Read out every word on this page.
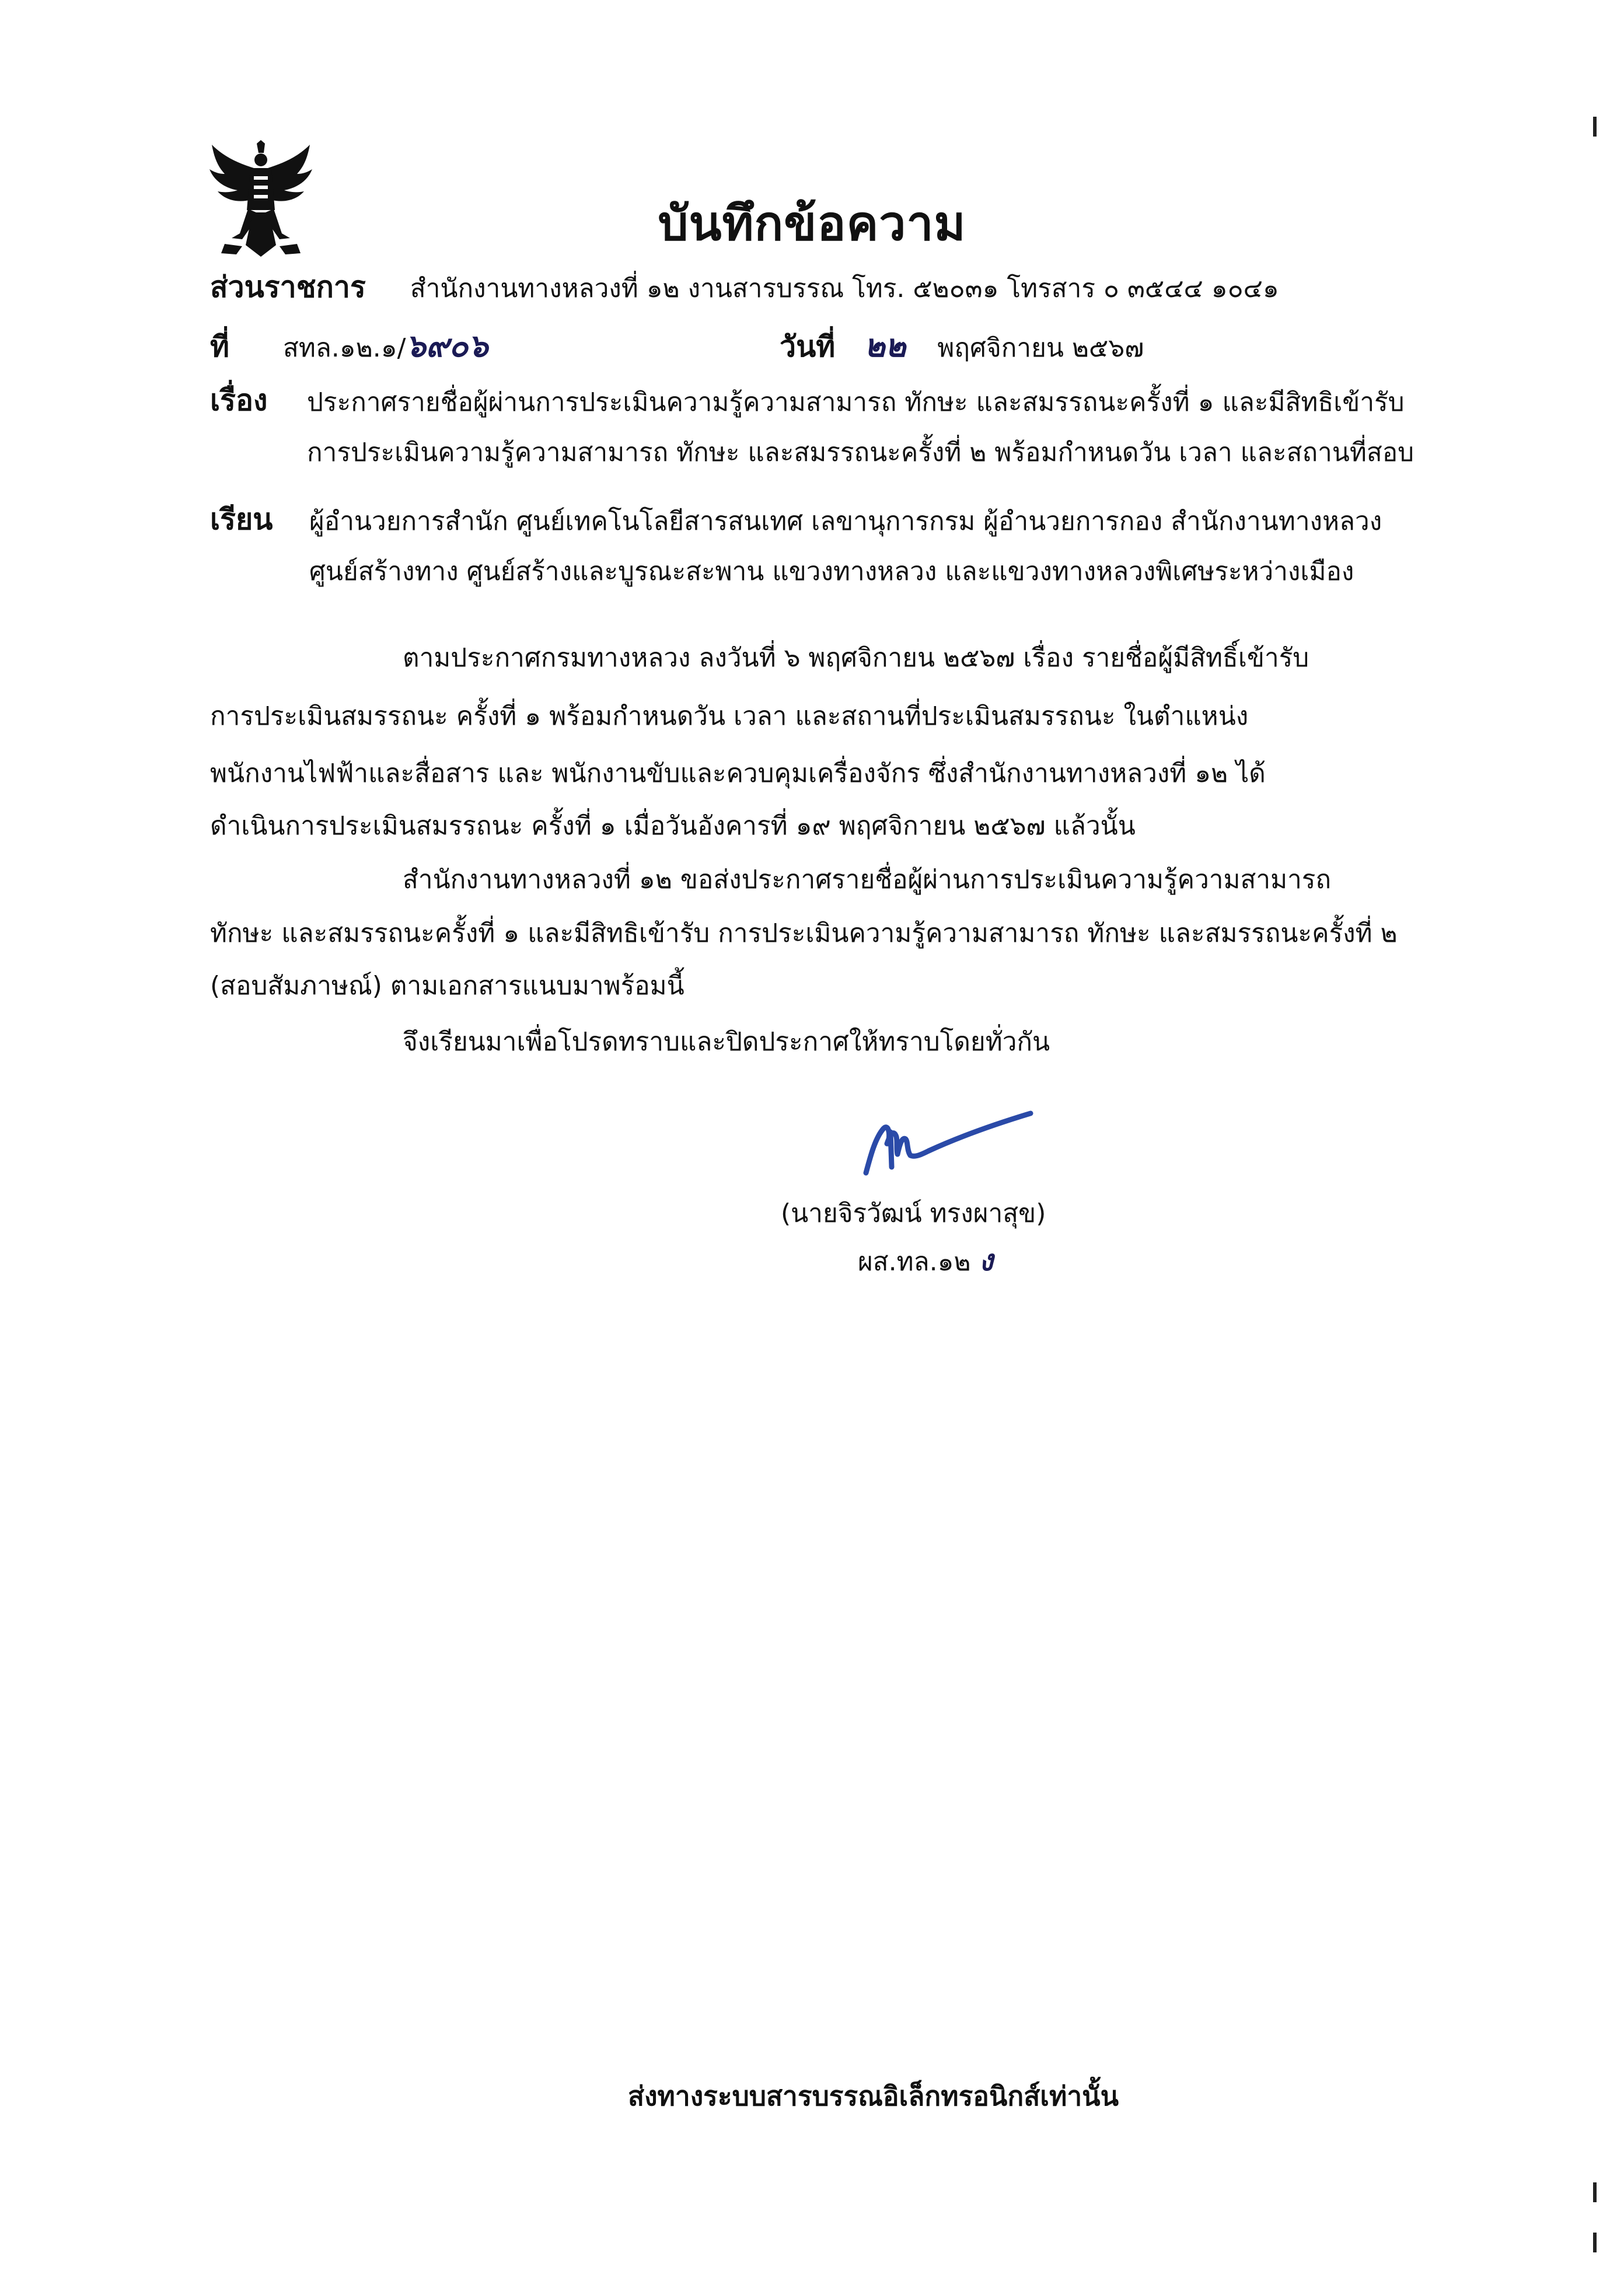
บันทึกข้อความ
ส่วนราชการ สำนักงานทางหลวงที่ ๑๒ งานสารบรรณ โทร. ๕๒๐๓๑ โทรสาร ๐ ๓๕๔๔ ๑๐๔๑
ที่ สทล.๑๒.๑/๖๙๐๖	วันที่ ๒๒ พฤศจิกายน ๒๕๖๗
เรื่อง ประกาศรายชื่อผู้ผ่านการประเมินความรู้ความสามารถ ทักษะ และสมรรถนะครั้งที่ ๑ และมีสิทธิเข้ารับ
การประเมินความรู้ความสามารถ ทักษะ และสมรรถนะครั้งที่ ๒ พร้อมกำหนดวัน เวลา และสถานที่สอบ
เรียน ผู้อำนวยการสำนัก ศูนย์เทคโนโลยีสารสนเทศ เลขานุการกรม ผู้อำนวยการกอง สำนักงานทางหลวง
ศูนย์สร้างทาง ศูนย์สร้างและบูรณะสะพาน แขวงทางหลวง และแขวงทางหลวงพิเศษระหว่างเมือง
ตามประกาศกรมทางหลวง ลงวันที่ ๖ พฤศจิกายน ๒๕๖๗ เรื่อง รายชื่อผู้มีสิทธิ์เข้ารับ
การประเมินสมรรถนะ ครั้งที่ ๑ พร้อมกำหนดวัน เวลา และสถานที่ประเมินสมรรถนะ ในตำแหน่ง
พนักงานไฟฟ้าและสื่อสาร และ พนักงานขับและควบคุมเครื่องจักร ซึ่งสำนักงานทางหลวงที่ ๑๒ ได้
ดำเนินการประเมินสมรรถนะ ครั้งที่ ๑ เมื่อวันอังคารที่ ๑๙ พฤศจิกายน ๒๕๖๗ แล้วนั้น
สำนักงานทางหลวงที่ ๑๒ ขอส่งประกาศรายชื่อผู้ผ่านการประเมินความรู้ความสามารถ
ทักษะ และสมรรถนะครั้งที่ ๑ และมีสิทธิเข้ารับ การประเมินความรู้ความสามารถ ทักษะ และสมรรถนะครั้งที่ ๒
(สอบสัมภาษณ์) ตามเอกสารแนบมาพร้อมนี้
จึงเรียนมาเพื่อโปรดทราบและปิดประกาศให้ทราบโดยทั่วกัน
(นายจิรวัฒน์ ทรงผาสุข)
ผส.ทล.๑๒ ง
ส่งทางระบบสารบรรณอิเล็กทรอนิกส์เท่านั้น
